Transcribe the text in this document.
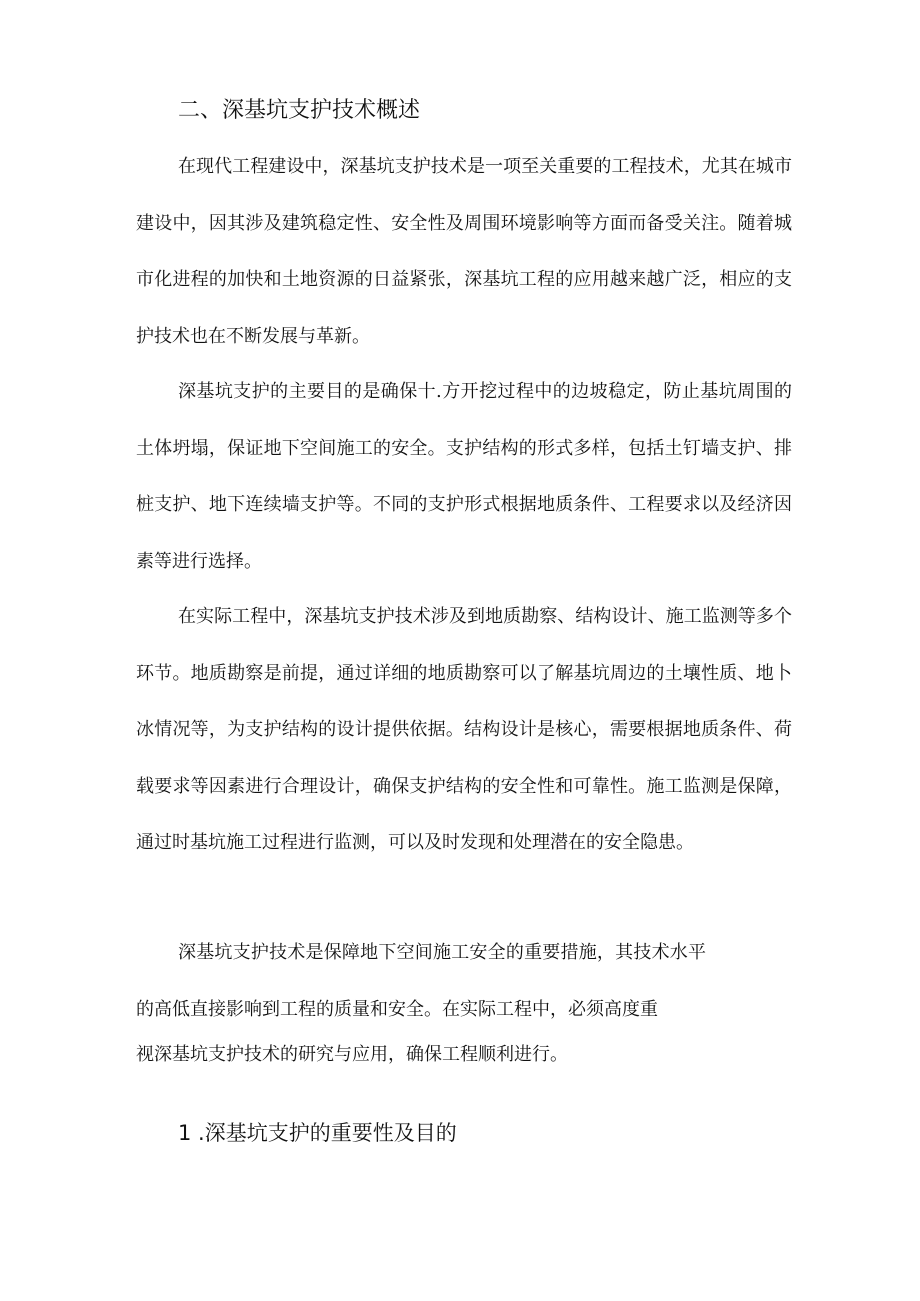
二、深基坑支护技术概述

在现代工程建设中，深基坑支护技术是一项至关重要的工程技术，尤其在城市建设中，因其涉及建筑稳定性、安全性及周围环境影响等方面而备受关注。随着城市化进程的加快和土地资源的日益紧张，深基坑工程的应用越来越广泛，相应的支护技术也在不断发展与革新。

深基坑支护的主要目的是确保十.方开挖过程中的边坡稳定，防止基坑周围的土体坍塌，保证地下空间施工的安全。支护结构的形式多样，包括土钉墙支护、排桩支护、地下连续墙支护等。不同的支护形式根据地质条件、工程要求以及经济因素等进行选择。

在实际工程中，深基坑支护技术涉及到地质勘察、结构设计、施工监测等多个环节。地质勘察是前提，通过详细的地质勘察可以了解基坑周边的土壤性质、地卜冰情况等，为支护结构的设计提供依据。结构设计是核心，需要根据地质条件、荷载要求等因素进行合理设计，确保支护结构的安全性和可靠性。施工监测是保障，通过时基坑施工过程进行监测，可以及时发现和处理潜在的安全隐患。

深基坑支护技术是保障地下空间施工安全的重要措施，其技术水平的高低直接影响到工程的质量和安全。在实际工程中，必须高度重

视深基坑支护技术的研究与应用，确保工程顺利进行。

1 .深基坑支护的重要性及目的
